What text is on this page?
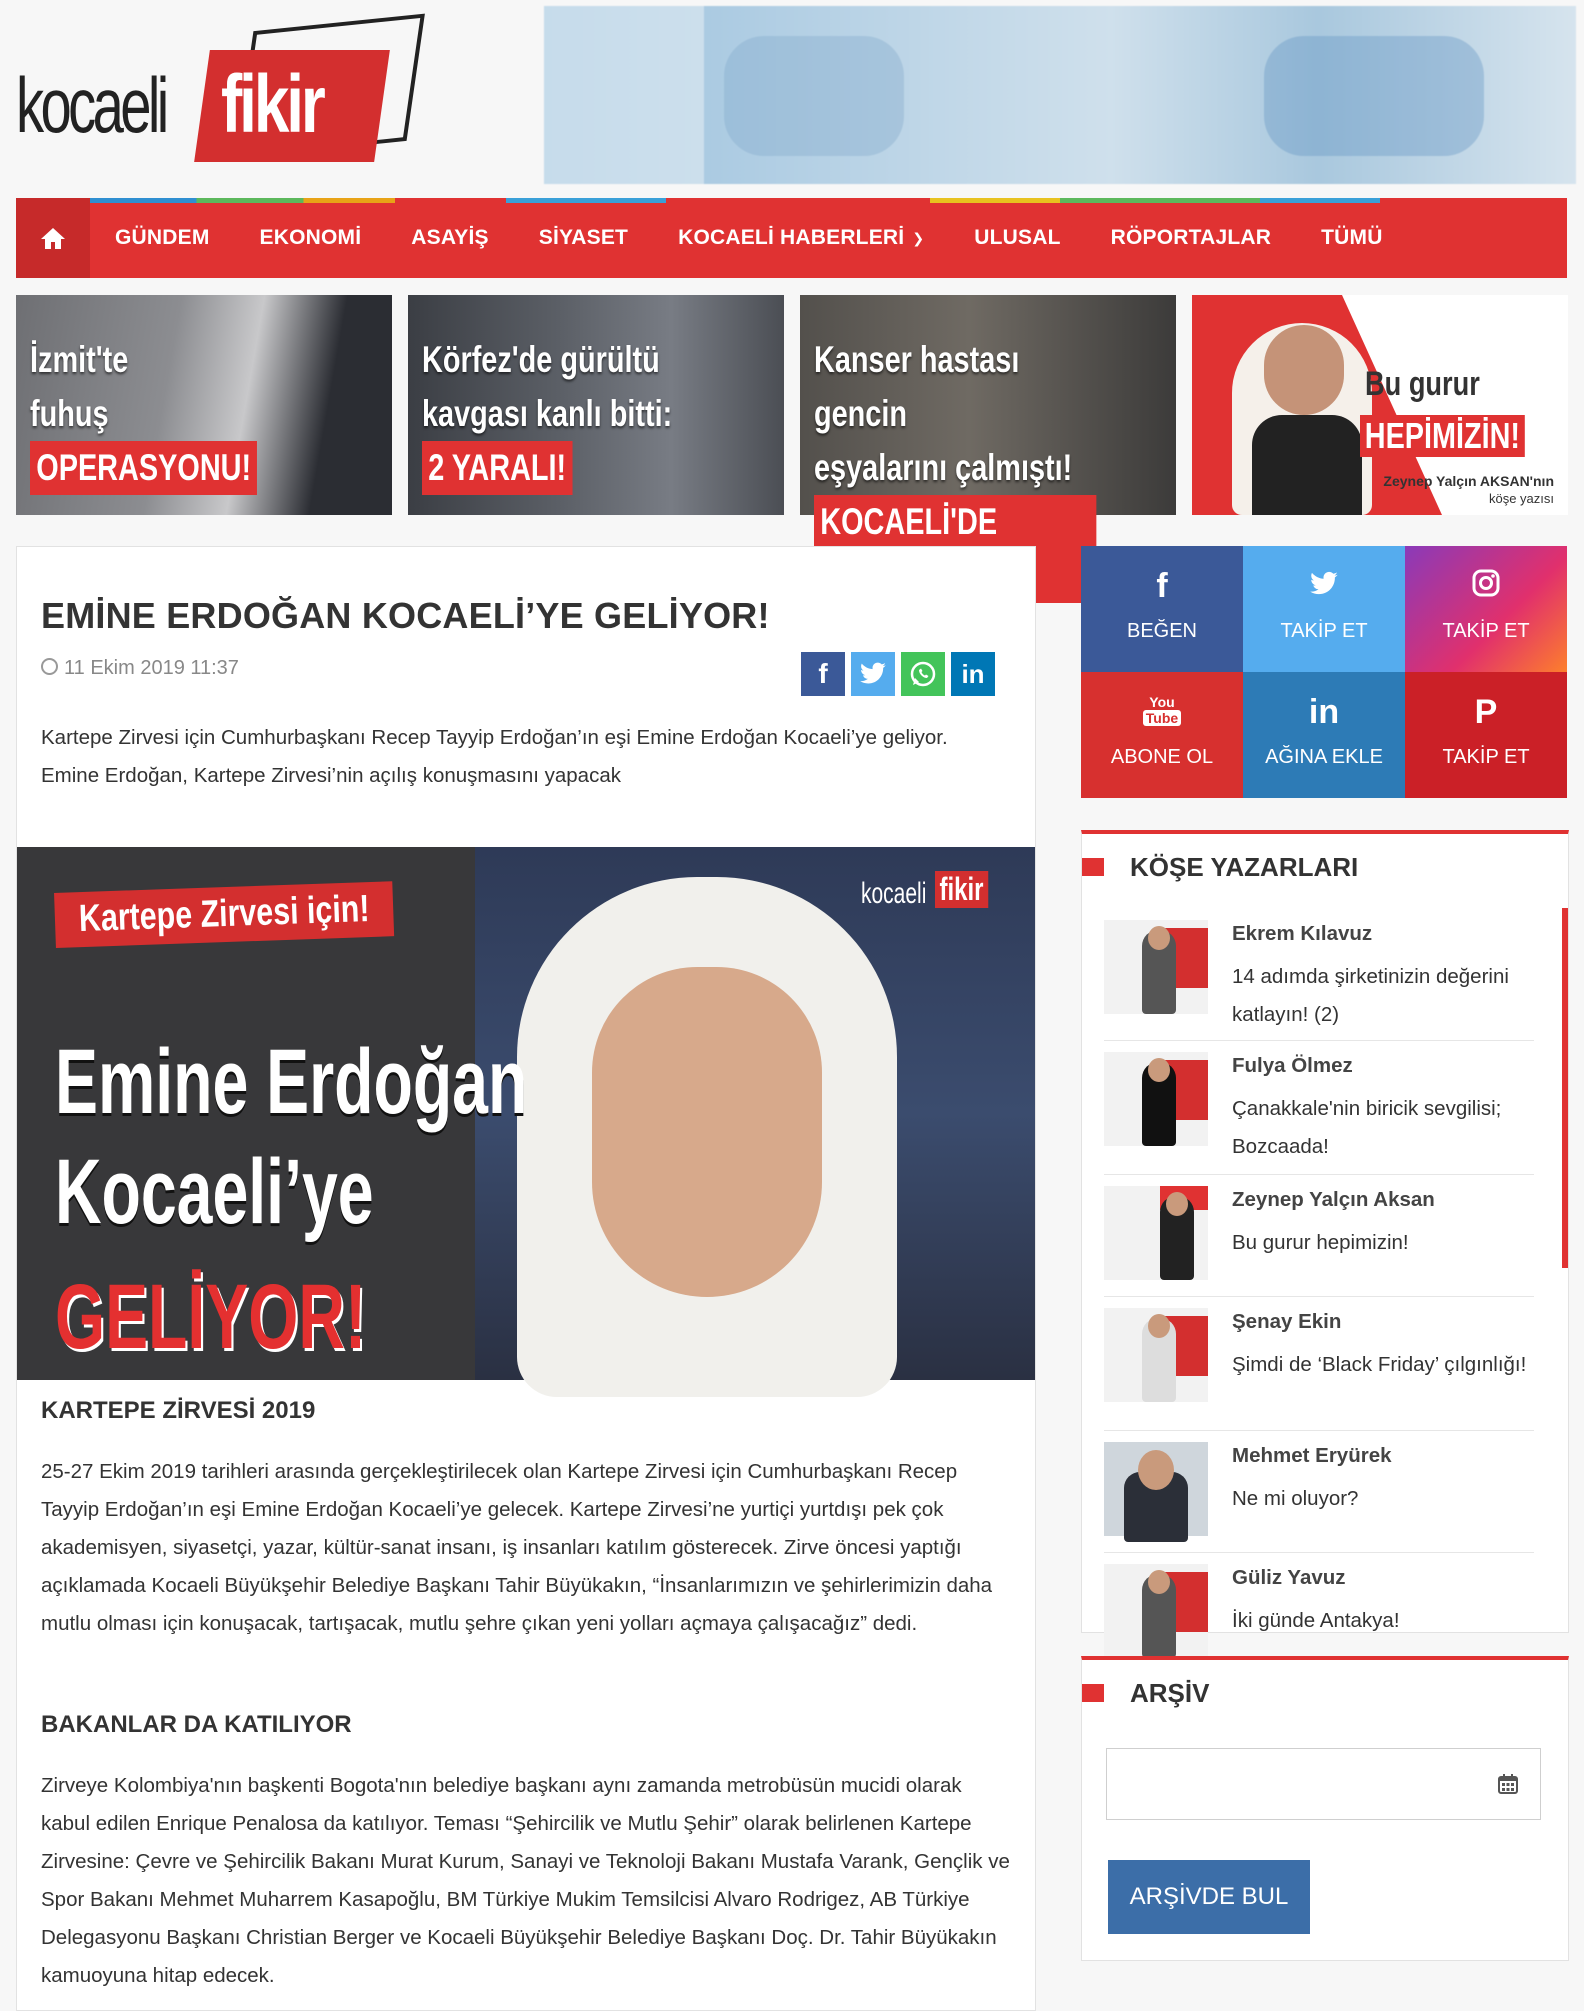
kocaeli fikir
GÜNDEM	EKONOMİ	ASAYİŞ	SİYASET	KOCAELİ HABERLERİ ❯	ULUSAL	RÖPORTAJLAR	TÜMÜ
İzmit'te
fuhuş
OPERASYONU!
Körfez'de gürültü
kavgası kanlı bitti:
2 YARALI!
Kanser hastası gencin
eşyalarını çalmıştı!
KOCAELİ'DE
Bu gurur
HEPİMİZİN!
Zeynep Yalçın AKSAN'nın
köşe yazısı
EMİNE ERDOĞAN KOCAELİ’YE GELİYOR!
11 Ekim 2019 11:37	f	in
Kartepe Zirvesi için Cumhurbaşkanı Recep Tayyip Erdoğan’ın eşi Emine Erdoğan Kocaeli’ye geliyor. Emine Erdoğan, Kartepe Zirvesi’nin açılış konuşmasını yapacak
Kartepe Zirvesi için!
Emine Erdoğan
Kocaeli’ye
GELİYOR!
kocaeli fikir
KARTEPE ZİRVESİ 2019
25-27 Ekim 2019 tarihleri arasında gerçekleştirilecek olan Kartepe Zirvesi için Cumhurbaşkanı Recep Tayyip Erdoğan’ın eşi Emine Erdoğan Kocaeli’ye gelecek. Kartepe Zirvesi’ne yurtiçi yurtdışı pek çok akademisyen, siyasetçi, yazar, kültür-sanat insanı, iş insanları katılım gösterecek. Zirve öncesi yaptığı açıklamada Kocaeli Büyükşehir Belediye Başkanı Tahir Büyükakın, “İnsanlarımızın ve şehirlerimizin daha mutlu olması için konuşacak, tartışacak, mutlu şehre çıkan yeni yolları açmaya çalışacağız” dedi.
BAKANLAR DA KATILIYOR
Zirveye Kolombiya'nın başkenti Bogota'nın belediye başkanı aynı zamanda metrobüsün mucidi olarak kabul edilen Enrique Penalosa da katılıyor. Teması “Şehircilik ve Mutlu Şehir” olarak belirlenen Kartepe Zirvesine: Çevre ve Şehircilik Bakanı Murat Kurum, Sanayi ve Teknoloji Bakanı Mustafa Varank, Gençlik ve Spor Bakanı Mehmet Muharrem Kasapoğlu, BM Türkiye Mukim Temsilcisi Alvaro Rodrigez, AB Türkiye Delegasyonu Başkanı Christian Berger ve Kocaeli Büyükşehir Belediye Başkanı Doç. Dr. Tahir Büyükakın kamuoyuna hitap edecek.
f
BEĞEN	TAKİP ET	TAKİP ET
You
Tube
ABONE OL
in
AĞINA EKLE
P
TAKİP ET
KÖŞE YAZARLARI
Ekrem Kılavuz
14 adımda şirketinizin değerini katlayın! (2)
Fulya Ölmez
Çanakkale'nin biricik sevgilisi; Bozcaada!
Zeynep Yalçın Aksan
Bu gurur hepimizin!
Şenay Ekin
Şimdi de ‘Black Friday’ çılgınlığı!
Mehmet Eryürek
Ne mi oluyor?
Güliz Yavuz
İki günde Antakya!
ARŞİV
ARŞİVDE BUL
